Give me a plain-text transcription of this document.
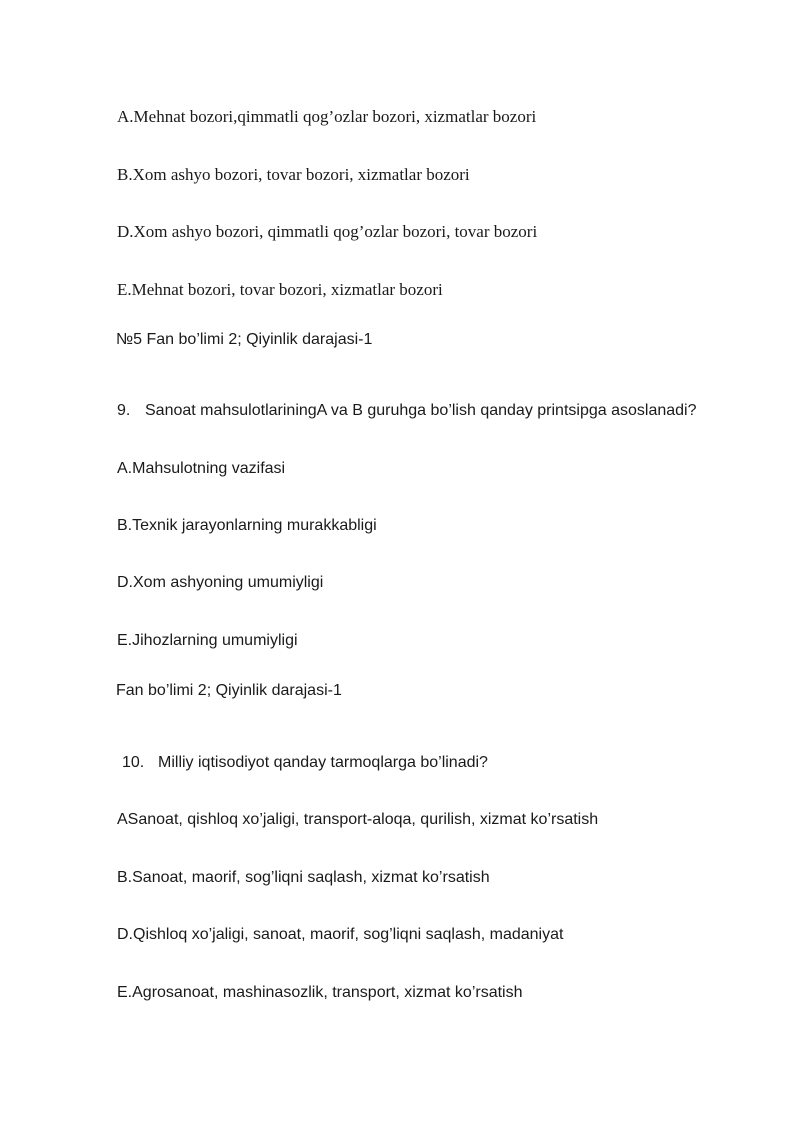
A.Mehnat bozori,qimmatli qog’ozlar bozori, xizmatlar bozori
B.Xom ashyo bozori, tovar bozori, xizmatlar bozori
D.Xom ashyo bozori, qimmatli qog’ozlar bozori, tovar bozori
E.Mehnat bozori, tovar bozori, xizmatlar bozori
№5 Fan bo’limi 2; Qiyinlik darajasi-1
9. Sanoat mahsulotlariningA va B guruhga bo’lish qanday printsipga asoslanadi?
A.Mahsulotning vazifasi
B.Texnik jarayonlarning murakkabligi
D.Xom ashyoning umumiyligi
E.Jihozlarning umumiyligi
Fan bo’limi 2; Qiyinlik darajasi-1
10. Milliy iqtisodiyot qanday tarmoqlarga bo’linadi?
ASanoat, qishloq xo’jaligi, transport-aloqa, qurilish, xizmat ko’rsatish
B.Sanoat, maorif, sog’liqni saqlash, xizmat ko’rsatish
D.Qishloq xo’jaligi, sanoat, maorif, sog’liqni saqlash, madaniyat
E.Agrosanoat, mashinasozlik, transport, xizmat ko’rsatish
